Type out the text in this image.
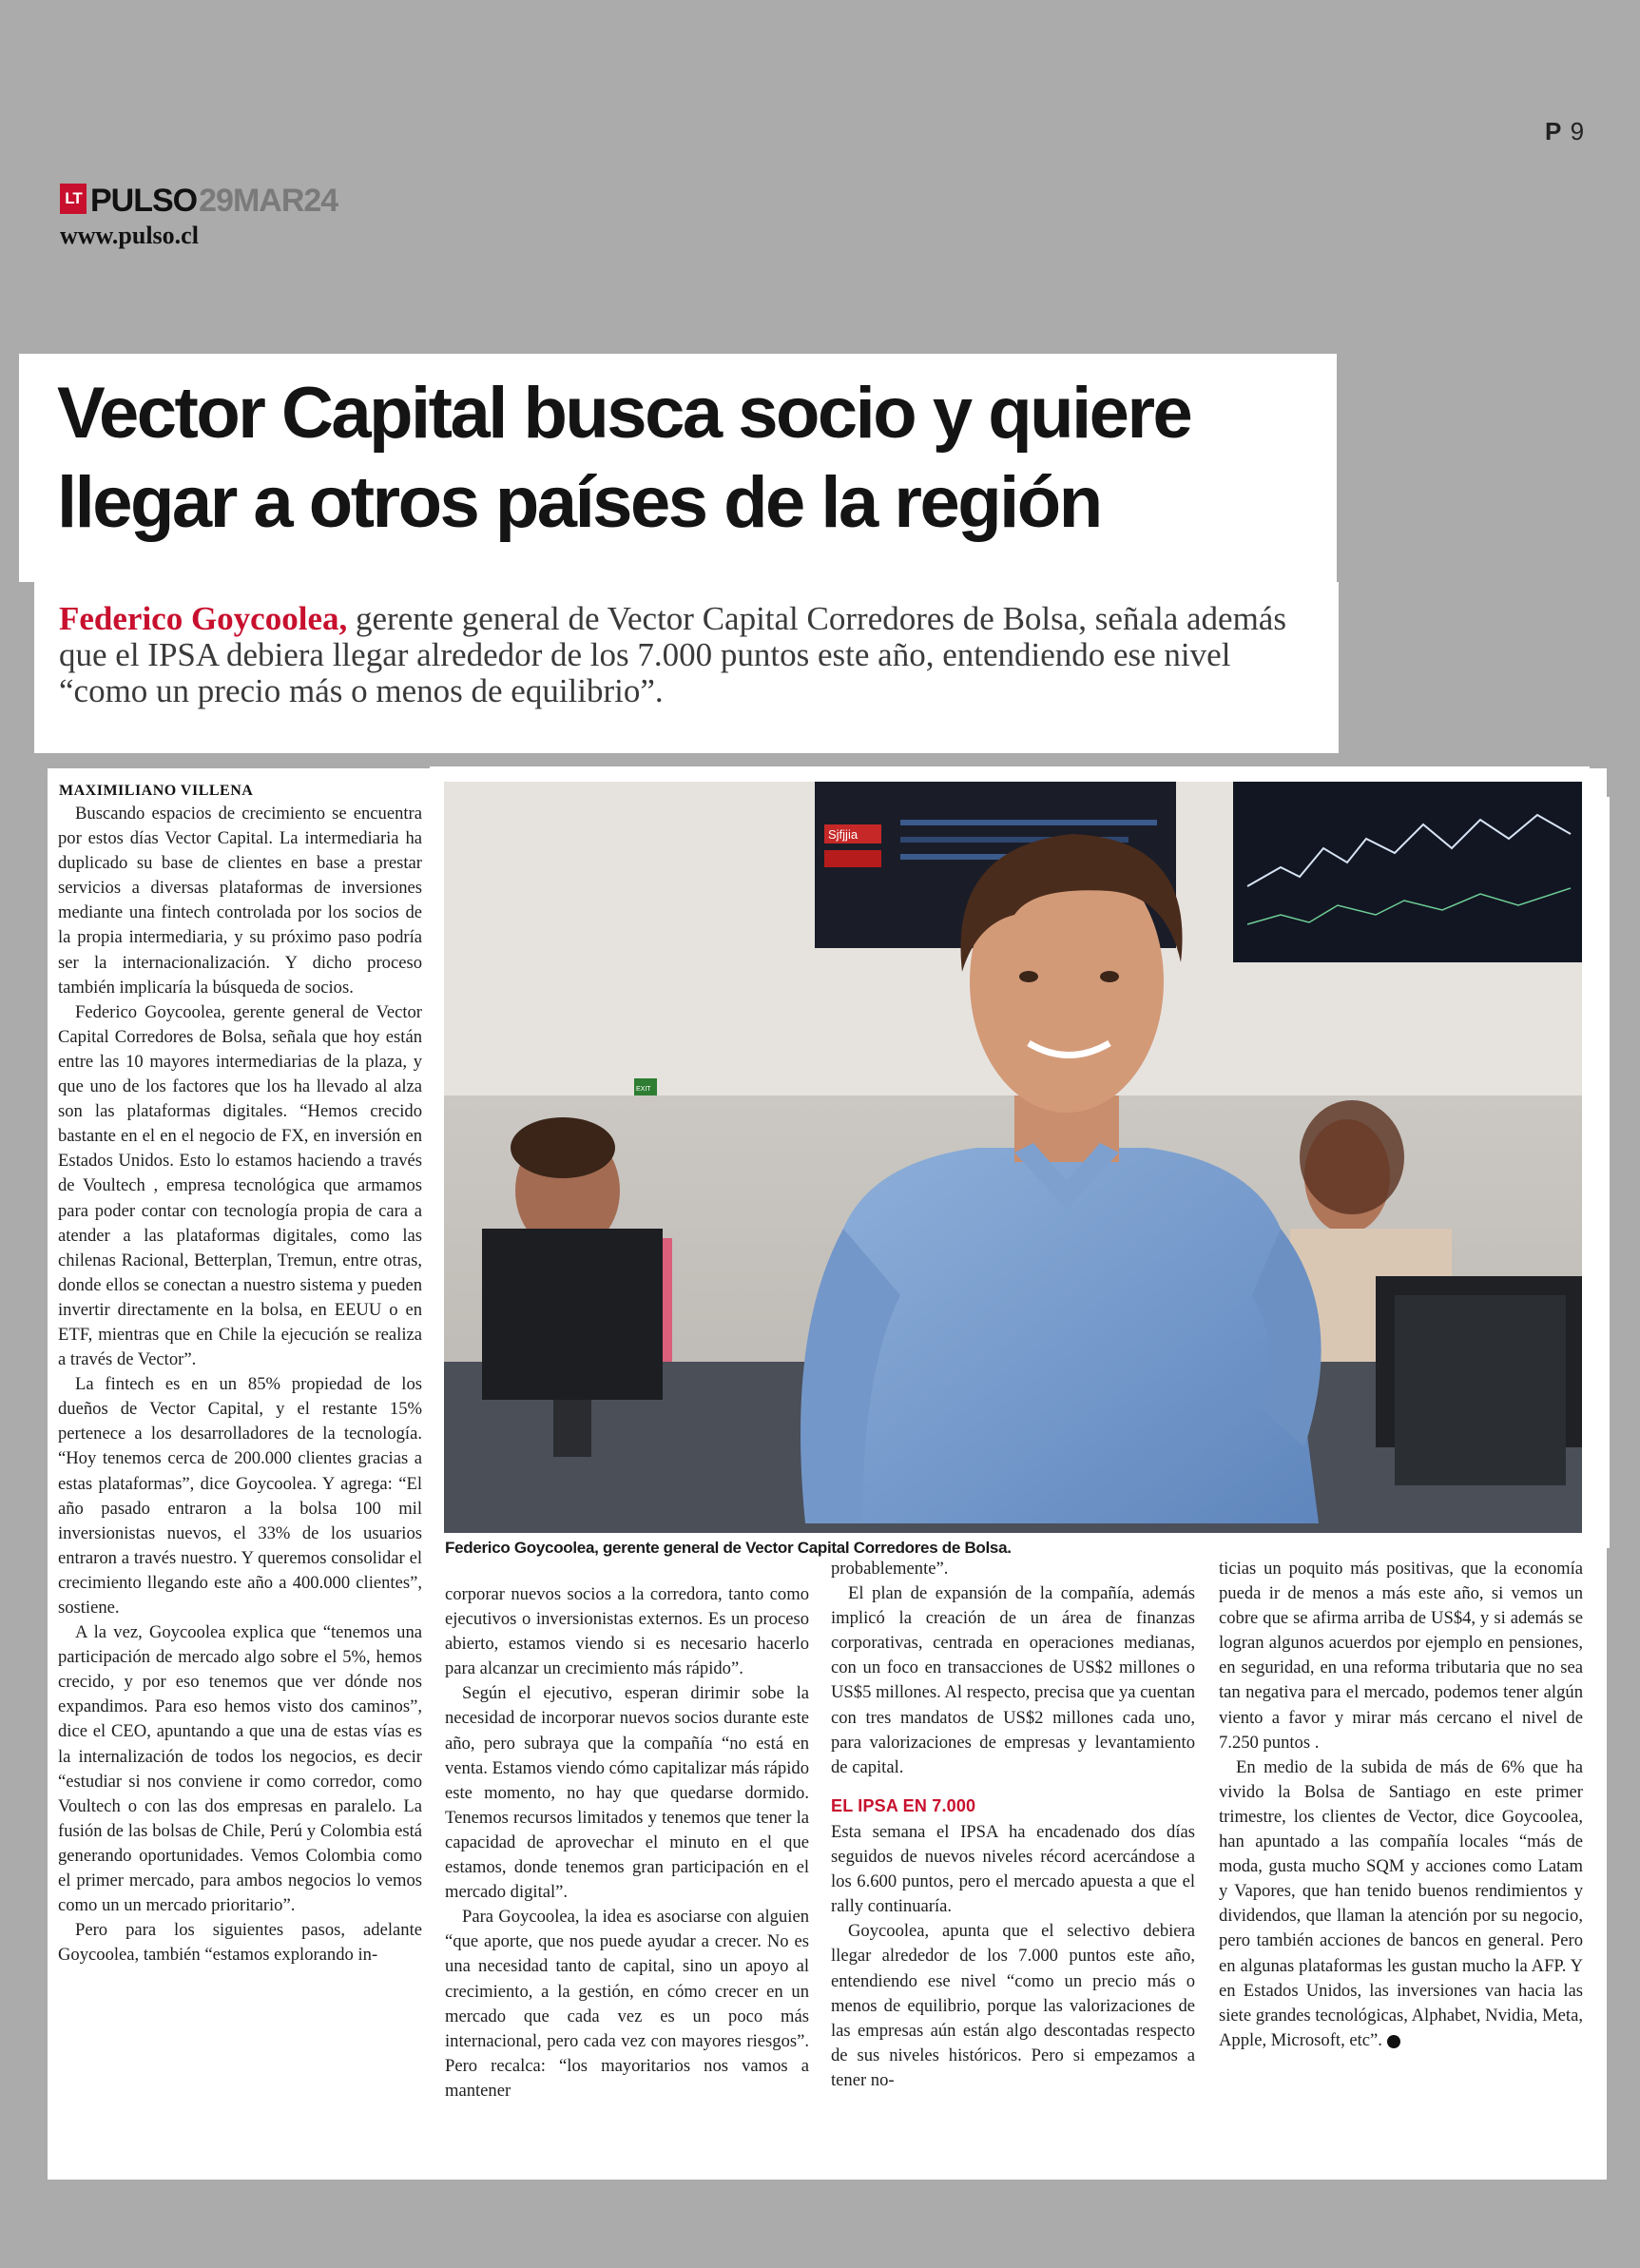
P 9
LT PULSO 29MAR24
www.pulso.cl
Vector Capital busca socio y quiere
llegar a otros países de la región

Federico Goycoolea, gerente general de Vector Capital Corredores de Bolsa, señala además que el IPSA debiera llegar alrededor de los 7.000 puntos este año, entendiendo ese nivel “como un precio más o menos de equilibrio”.

Sjfjjia
EXIT
Federico Goycoolea, gerente general de Vector Capital Corredores de Bolsa.
MAXIMILIANO VILLENA

Buscando espacios de crecimiento se encuentra por estos días Vector Capital. La intermediaria ha duplicado su base de clientes en base a prestar servicios a diversas plataformas de inversiones mediante una fintech controlada por los socios de la propia intermediaria, y su próximo paso podría ser la internacionalización. Y dicho proceso también implicaría la búsqueda de socios.

Federico Goycoolea, gerente general de Vector Capital Corredores de Bolsa, señala que hoy están entre las 10 mayores intermediarias de la plaza, y que uno de los factores que los ha llevado al alza son las plataformas digitales. “Hemos crecido bastante en el en el negocio de FX, en inversión en Estados Unidos. Esto lo estamos haciendo a través de Voultech , empresa tecnológica que armamos para poder contar con tecnología propia de cara a atender a las plataformas digitales, como las chilenas Racional, Betterplan, Tremun, entre otras, donde ellos se conectan a nuestro sistema y pueden invertir directamente en la bolsa, en EEUU o en ETF, mientras que en Chile la ejecución se realiza a través de Vector”.

La fintech es en un 85% propiedad de los dueños de Vector Capital, y el restante 15% pertenece a los desarrolladores de la tecnología. “Hoy tenemos cerca de 200.000 clientes gracias a estas plataformas”, dice Goycoolea. Y agrega: “El año pasado entraron a la bolsa 100 mil inversionistas nuevos, el 33% de los usuarios entraron a través nuestro. Y queremos consolidar el crecimiento llegando este año a 400.000 clientes”, sostiene.

A la vez, Goycoolea explica que “tenemos una participación de mercado algo sobre el 5%, hemos crecido, y por eso tenemos que ver dónde nos expandimos. Para eso hemos visto dos caminos”, dice el CEO, apuntando a que una de estas vías es la internalización de todos los negocios, es decir “estudiar si nos conviene ir como corredor, como Voultech o con las dos empresas en paralelo. La fusión de las bolsas de Chile, Perú y Colombia está generando oportunidades. Vemos Colombia como el primer mercado, para ambos negocios lo vemos como un un mercado prioritario”.

Pero para los siguientes pasos, adelante Goycoolea, también “estamos explorando in-

corporar nuevos socios a la corredora, tanto como ejecutivos o inversionistas externos. Es un proceso abierto, estamos viendo si es necesario hacerlo para alcanzar un crecimiento más rápido”.

Según el ejecutivo, esperan dirimir sobe la necesidad de incorporar nuevos socios durante este año, pero subraya que la compañía “no está en venta. Estamos viendo cómo capitalizar más rápido este momento, no hay que quedarse dormido. Tenemos recursos limitados y tenemos que tener la capacidad de aprovechar el minuto en el que estamos, donde tenemos gran participación en el mercado digital”.

Para Goycoolea, la idea es asociarse con alguien “que aporte, que nos puede ayudar a crecer. No es una necesidad tanto de capital, sino un apoyo al crecimiento, a la gestión, en cómo crecer en un mercado que cada vez es un poco más internacional, pero cada vez con mayores riesgos”. Pero recalca: “los mayoritarios nos vamos a mantener

probablemente”.

El plan de expansión de la compañía, además implicó la creación de un área de finanzas corporativas, centrada en operaciones medianas, con un foco en transacciones de US$2 millones o US$5 millones. Al respecto, precisa que ya cuentan con tres mandatos de US$2 millones cada uno, para valorizaciones de empresas y levantamiento de capital.

EL IPSA EN 7.000

Esta semana el IPSA ha encadenado dos días seguidos de nuevos niveles récord acercándose a los 6.600 puntos, pero el mercado apuesta a que el rally continuaría.

Goycoolea, apunta que el selectivo debiera llegar alrededor de los 7.000 puntos este año, entendiendo ese nivel “como un precio más o menos de equilibrio, porque las valorizaciones de las empresas aún están algo descontadas respecto de sus niveles históricos. Pero si empezamos a tener no-

ticias un poquito más positivas, que la economía pueda ir de menos a más este año, si vemos un cobre que se afirma arriba de US$4, y si además se logran algunos acuerdos por ejemplo en pensiones, en seguridad, en una reforma tributaria que no sea tan negativa para el mercado, podemos tener algún viento a favor y mirar más cercano el nivel de 7.250 puntos .

En medio de la subida de más de 6% que ha vivido la Bolsa de Santiago en este primer trimestre, los clientes de Vector, dice Goycoolea, han apuntado a las compañía locales “más de moda, gusta mucho SQM y acciones como Latam y Vapores, que han tenido buenos rendimientos y dividendos, que llaman la atención por su negocio, pero también acciones de bancos en general. Pero en algunas plataformas les gustan mucho la AFP. Y en Estados Unidos, las inversiones van hacia las siete grandes tecnológicas, Alphabet, Nvidia, Meta, Apple, Microsoft, etc”. P
